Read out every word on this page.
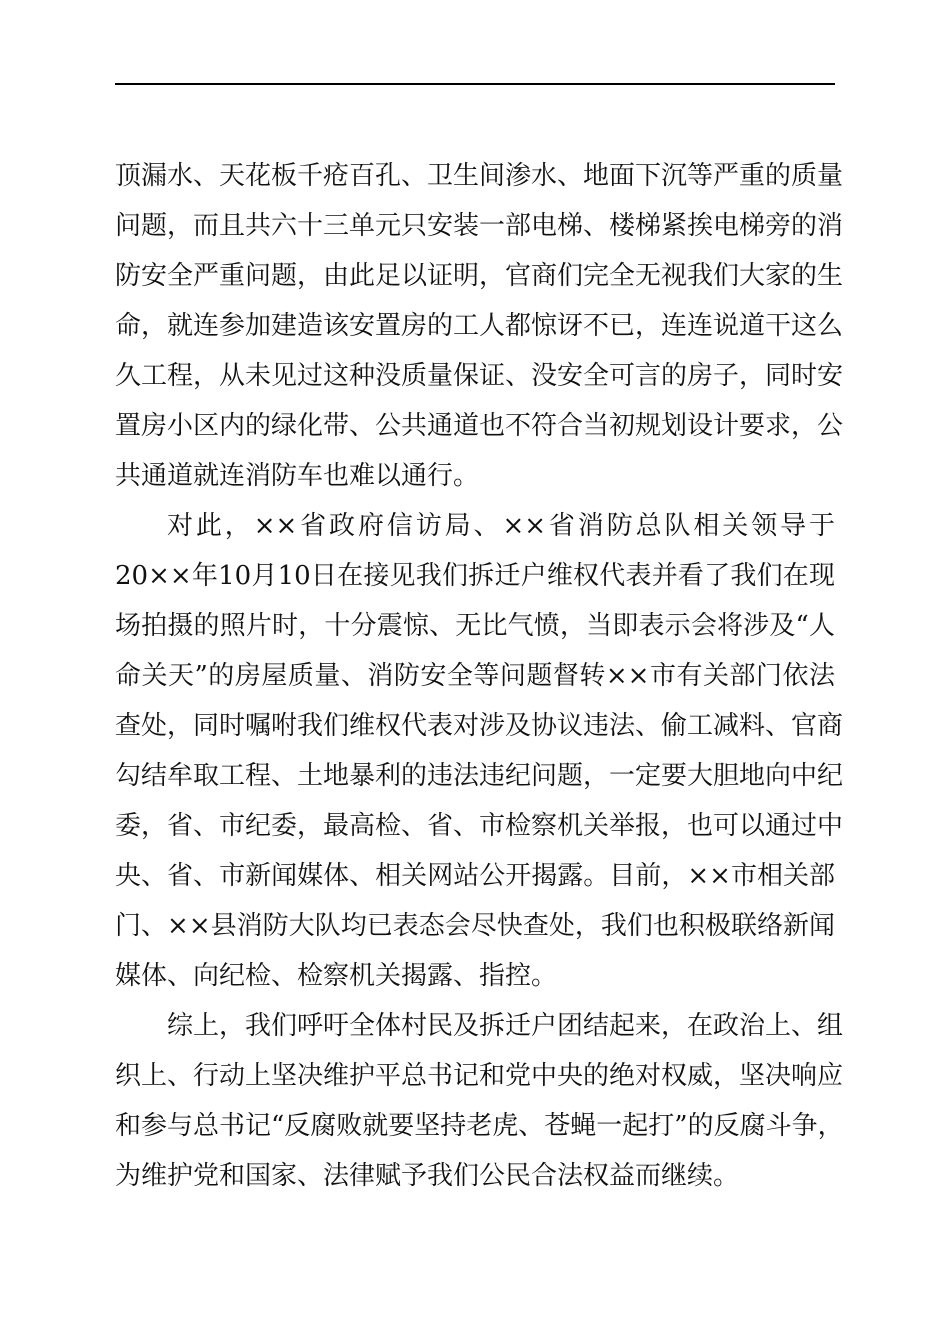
顶漏水、天花板千疮百孔、卫生间渗水、地面下沉等严重的质量
问题，而且共六十三单元只安装一部电梯、楼梯紧挨电梯旁的消
防安全严重问题，由此足以证明，官商们完全无视我们大家的生
命，就连参加建造该安置房的工人都惊讶不已，连连说道干这么
久工程，从未见过这种没质量保证、没安全可言的房子，同时安
置房小区内的绿化带、公共通道也不符合当初规划设计要求，公
共通道就连消防车也难以通行。
对此，××省政府信访局、××省消防总队相关领导于
20××年10月10日在接见我们拆迁户维权代表并看了我们在现
场拍摄的照片时，十分震惊、无比气愤，当即表示会将涉及“人
命关天”的房屋质量、消防安全等问题督转××市有关部门依法
查处，同时嘱咐我们维权代表对涉及协议违法、偷工减料、官商
勾结牟取工程、土地暴利的违法违纪问题，一定要大胆地向中纪
委，省、市纪委，最高检、省、市检察机关举报，也可以通过中
央、省、市新闻媒体、相关网站公开揭露。目前，××市相关部
门、××县消防大队均已表态会尽快查处，我们也积极联络新闻
媒体、向纪检、检察机关揭露、指控。
综上，我们呼吁全体村民及拆迁户团结起来，在政治上、组
织上、行动上坚决维护平总书记和党中央的绝对权威，坚决响应
和参与总书记“反腐败就要坚持老虎、苍蝇一起打”的反腐斗争，
为维护党和国家、法律赋予我们公民合法权益而继续。
